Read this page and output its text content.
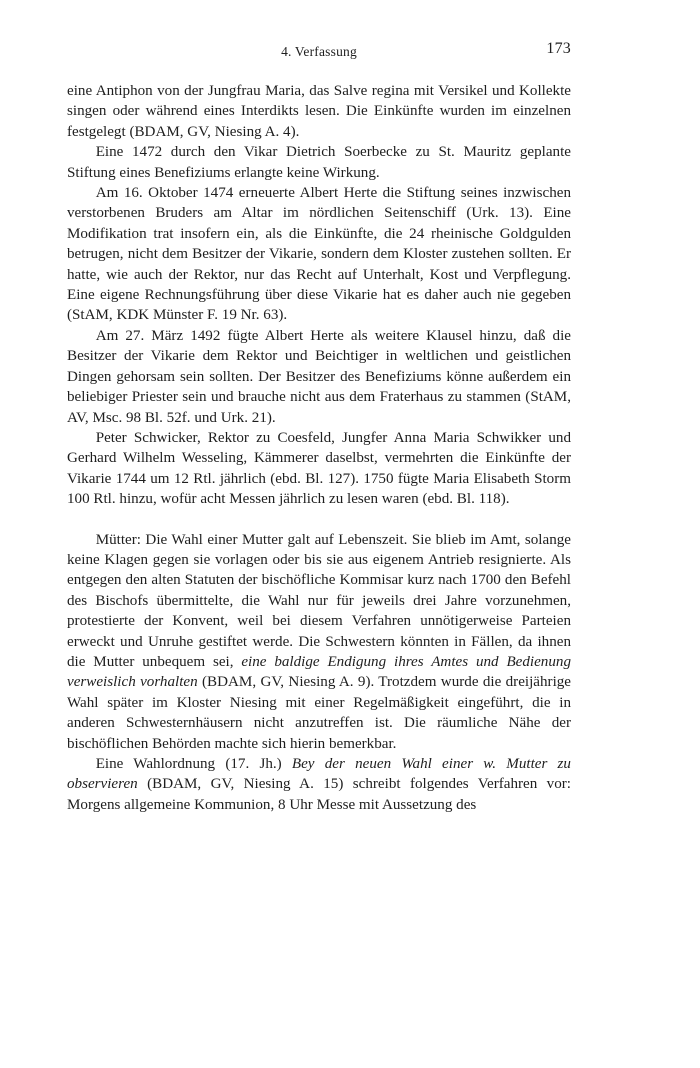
4. Verfassung	173

eine Antiphon von der Jungfrau Maria, das Salve regina mit Versikel und Kollekte singen oder während eines Interdikts lesen. Die Einkünfte wurden im einzelnen festgelegt (BDAM, GV, Niesing A. 4).

Eine 1472 durch den Vikar Dietrich Soerbecke zu St. Mauritz geplante Stiftung eines Benefiziums erlangte keine Wirkung.

Am 16. Oktober 1474 erneuerte Albert Herte die Stiftung seines inzwischen verstorbenen Bruders am Altar im nördlichen Seitenschiff (Urk. 13). Eine Modifikation trat insofern ein, als die Einkünfte, die 24 rheinische Goldgulden betrugen, nicht dem Besitzer der Vikarie, sondern dem Kloster zustehen sollten. Er hatte, wie auch der Rektor, nur das Recht auf Unterhalt, Kost und Verpflegung. Eine eigene Rechnungsführung über diese Vikarie hat es daher auch nie gegeben (StAM, KDK Münster F. 19 Nr. 63).

Am 27. März 1492 fügte Albert Herte als weitere Klausel hinzu, daß die Besitzer der Vikarie dem Rektor und Beichtiger in weltlichen und geistlichen Dingen gehorsam sein sollten. Der Besitzer des Benefiziums könne außerdem ein beliebiger Priester sein und brauche nicht aus dem Fraterhaus zu stammen (StAM, AV, Msc. 98 Bl. 52f. und Urk. 21).

Peter Schwicker, Rektor zu Coesfeld, Jungfer Anna Maria Schwikker und Gerhard Wilhelm Wesseling, Kämmerer daselbst, vermehrten die Einkünfte der Vikarie 1744 um 12 Rtl. jährlich (ebd. Bl. 127). 1750 fügte Maria Elisabeth Storm 100 Rtl. hinzu, wofür acht Messen jährlich zu lesen waren (ebd. Bl. 118).

Mütter: Die Wahl einer Mutter galt auf Lebenszeit. Sie blieb im Amt, solange keine Klagen gegen sie vorlagen oder bis sie aus eigenem Antrieb resignierte. Als entgegen den alten Statuten der bischöfliche Kommisar kurz nach 1700 den Befehl des Bischofs übermittelte, die Wahl nur für jeweils drei Jahre vorzunehmen, protestierte der Konvent, weil bei diesem Verfahren unnötigerweise Parteien erweckt und Unruhe gestiftet werde. Die Schwestern könnten in Fällen, da ihnen die Mutter unbequem sei, eine baldige Endigung ihres Amtes und Bedienung verweislich vorhalten (BDAM, GV, Niesing A. 9). Trotzdem wurde die dreijährige Wahl später im Kloster Niesing mit einer Regelmäßigkeit eingeführt, die in anderen Schwesternhäusern nicht anzutreffen ist. Die räumliche Nähe der bischöflichen Behörden machte sich hierin bemerkbar.

Eine Wahlordnung (17. Jh.) Bey der neuen Wahl einer w. Mutter zu observieren (BDAM, GV, Niesing A. 15) schreibt folgendes Verfahren vor: Morgens allgemeine Kommunion, 8 Uhr Messe mit Aussetzung des
